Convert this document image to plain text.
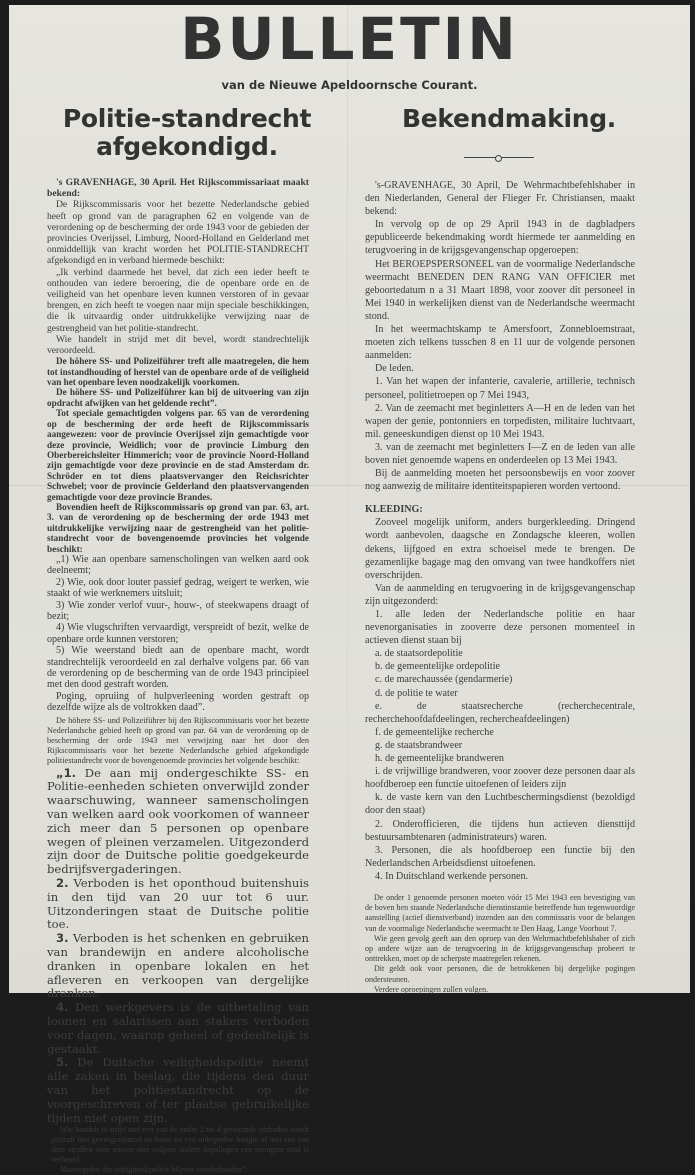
BULLETIN
van de Nieuwe Apeldoornsche Courant.
Politie-standrecht
afgekondigd.
Bekendmaking.

's GRAVENHAGE, 30 April. Het Rijkscommissariaat maakt bekend:

De Rijkscommissaris voor het bezette Nederlandsche gebied heeft op grond van de paragraphen 62 en volgende van de verordening op de bescherming der orde 1943 voor de gebieden der provincies Overijssel, Limburg, Noord-Holland en Gelderland met onmiddellijk van kracht worden het POLITIE-STANDRECHT afgekondigd en in verband hiermede beschikt:

„Ik verbind daarmede het bevel, dat zich een ieder heeft te onthouden van iedere beroering, die de openbare orde en de veiligheid van het openbare leven kunnen verstoren of in gevaar brengen, en zich heeft te voegen naar mijn speciale beschikkingen, die ik uitvaardig onder uitdrukkelijke verwijzing naar de gestrengheid van het politie-standrecht.

Wie handelt in strijd met dit bevel, wordt standrechtelijk veroordeeld.

De höhere SS- und Polizeiführer treft alle maatregelen, die hem tot instandhouding of herstel van de openbare orde of de veiligheid van het openbare leven noodzakelijk voorkomen.

De höhere SS- und Polizeiführer kan bij de uitvoering van zijn opdracht afwijken van het geldende recht”.

Tot speciale gemachtigden volgens par. 65 van de verordening op de bescherming der orde heeft de Rijkscommissaris aangewezen: voor de provincie Overijssel zijn gemachtigde voor deze provincie, Weidlich; voor de provincie Limburg den Oberbereichsleiter Himmerich; voor de provincie Noord-Holland zijn gemachtigde voor deze provincie en de stad Amsterdam dr. Schröder en tot diens plaatsvervanger den Reichsrichter Schwebel; voor de provincie Gelderland den plaatsvervangenden gemachtigde voor deze provincie Brandes.

Bovendien heeft de Rijkscommissaris op grond van par. 63, art. 3. van de verordening op de bescherming der orde 1943 met uitdrukkelijke verwijzing naar de gestrengheid van het politie-standrecht voor de bovengenoemde provincies het volgende beschikt:

„1) Wie aan openbare samenscholingen van welken aard ook deelneemt;

2) Wie, ook door louter passief gedrag, weigert te werken, wie staakt of wie werknemers uitsluit;

3) Wie zonder verlof vuur-, houw-, of steekwapens draagt of bezit;

4) Wie vlugschriften vervaardigt, verspreidt of bezit, welke de openbare orde kunnen verstoren;

5) Wie weerstand biedt aan de openbare macht, wordt standrechtelijk veroordeeld en zal derhalve volgens par. 66 van de verordening op de bescherming van de orde 1943 principieel met den dood gestraft worden.

Poging, opruiing of hulpverleening worden gestraft op dezelfde wijze als de voltrokken daad”.

De höhere SS- und Polizeiführer bij den Rijkscommissaris voor het bezette Nederlandsche gebied heeft op grond van par. 64 van de verordening op de bescherming der orde 1943 met verwijzing naar het door den Rijkscommissaris voor het bezette Nederlandsche gebied afgekondigde politiestandrecht voor de bovengenoemde provincies het volgende beschikt:

„1. De aan mij ondergeschikte SS- en Politie-eenheden schieten onverwijld zonder waarschuwing, wanneer samenscholingen van welken aard ook voorkomen of wanneer zich meer dan 5 personen op openbare wegen of pleinen verzamelen. Uitgezonderd zijn door de Duitsche politie goedgekeurde bedrijfsvergaderingen.

2. Verboden is het oponthoud buitenshuis in den tijd van 20 uur tot 6 uur. Uitzonderingen staat de Duitsche politie toe.

3. Verboden is het schenken en gebruiken van brandewijn en andere alcoholische dranken in openbare lokalen en het afleveren en verkoopen van dergelijke dranken.

4. Den werkgevers is de uitbetaling van loonen en salarissen aan stakers verboden voor dagen, waarop geheel of gedeeltelijk is gestaakt.

5. De Duitsche veiligheidspolitie neemt alle zaken in beslag, die tijdens den duur van het politiestandrecht op de voorgeschreven of ter plaatse gebruikelijke tijden niet open zijn.

Wie handelt in strijd met een van de onder 2 tot 4 genoemde verboden wordt gestraft met gevangenisstraf en boete tot een onbeperkte hoogte of met een van deze straffen voor zoover niet volgens andere bepalingen een strengere straf is verbeurd.

Maatregelen der veiligheidspolitie blijven voorbehouden”.

's-GRAVENHAGE, 30 April, De Wehrmachtbefehlshaber in den Niederlanden, General der Flieger Fr. Christiansen, maakt bekend:

In vervolg op de op 29 April 1943 in de dagbladpers gepubliceerde bekendmaking wordt hiermede ter aanmelding en terugvoering in de krijgsgevangenschap opgeroepen:

Het BEROEPSPERSONEEL van de voormalige Nederlandsche weermacht BENEDEN DEN RANG VAN OFFICIER met geboortedatum n a 31 Maart 1898, voor zoover dit personeel in Mei 1940 in werkelijken dienst van de Nederlandsche weermacht stond.

In het weermachtskamp te Amersfoort, Zonnebloemstraat, moeten zich telkens tusschen 8 en 11 uur de volgende personen aanmelden:

De leden.

1. Van het wapen der infanterie, cavalerie, artillerie, technisch personeel, politietroepen op 7 Mei 1943,

2. Van de zeemacht met beginletters A—H en de leden van het wapen der genie, pontonniers en torpedisten, militaire luchtvaart, mil. geneeskundigen dienst op 10 Mei 1943.

3. van de zeemacht met beginletters I—Z en de leden van alle boven niet genoemde wapens en onderdeelen op 13 Mei 1943.

Bij de aanmelding moeten het persoonsbewijs en voor zoover nog aanwezig de militaire identiteitspapieren worden vertoond.

KLEEDING:

Zooveel mogelijk uniform, anders burgerkleeding. Dringend wordt aanbevolen, daagsche en Zondagsche kleeren, wollen dekens, lijfgoed en extra schoeisel mede te brengen. De gezamenlijke bagage mag den omvang van twee handkoffers niet overschrijden.

Van de aanmelding en terugvoering in de krijgsgevangenschap zijn uitgezonderd:

1. alle leden der Nederlandsche politie en haar nevenorganisaties in zooverre deze personen momenteel in actieven dienst staan bij

a. de staatsordepolitie

b. de gemeentelijke ordepolitie

c. de marechaussée (gendarmerie)

d. de politie te water

e. de staatsrecherche (recherchecentrale, recherchehoofdafdeelingen, rechercheafdeelingen)

f. de gemeentelijke recherche

g. de staatsbrandweer

h. de gemeentelijke brandweren

i. de vrijwillige brandweren, voor zoover deze personen daar als hoofdberoep een functie uitoefenen of leiders zijn

k. de vaste kern van den Luchtbeschermingsdienst (bezoldigd door den staat)

2. Onderofficieren, die tijdens hun actieven diensttijd bestuursambtenaren (administrateurs) waren.

3. Personen, die als hoofdberoep een functie bij den Nederlandschen Arbeidsdienst uitoefenen.

4. In Duitschland werkende personen.

De onder 1 genoemde personen moeten vóór 15 Mei 1943 een bevestiging van de boven hen staande Nederlandsche dienstinstantie betreffende hun tegenwoordige aanstelling (actief dienstverband) inzenden aan den commissaris voor de belangen van de voormalige Nederlandsche weermacht te Den Haag, Lange Voorhout 7.

Wie geen gevolg geeft aan den oproep van den Wehrmachtbefehlshaber of zich op andere wijze aan de terugvoering in de krijgsgevangenschap probeert te onttrekken, moet op de scherpste maatregelen rekenen.

Dit geldt ook voor personen, die de betrokkenen bij dergelijke pogingen ondersteunen.

Verdere oproepingen zullen volgen.
